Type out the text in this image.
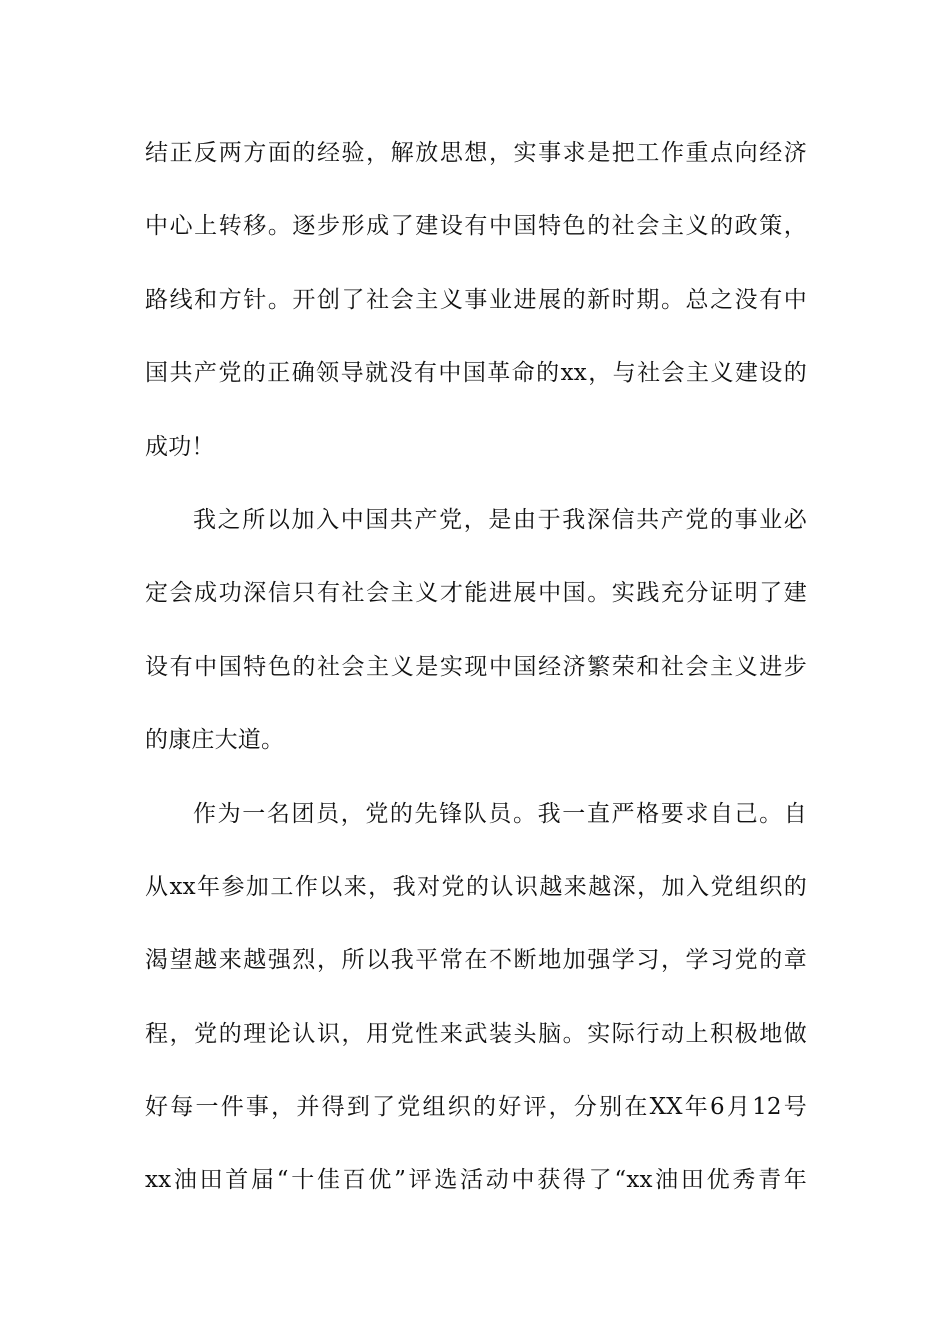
结正反两方面的经验，解放思想，实事求是把工作重点向经济
中心上转移。逐步形成了建设有中国特色的社会主义的政策，
路线和方针。开创了社会主义事业进展的新时期。总之没有中
国共产党的正确领导就没有中国革命的xx，与社会主义建设的
成功！
我之所以加入中国共产党，是由于我深信共产党的事业必
定会成功深信只有社会主义才能进展中国。实践充分证明了建
设有中国特色的社会主义是实现中国经济繁荣和社会主义进步
的康庄大道。
作为一名团员，党的先锋队员。我一直严格要求自己。自
从xx年参加工作以来，我对党的认识越来越深，加入党组织的
渴望越来越强烈，所以我平常在不断地加强学习，学习党的章
程，党的理论认识，用党性来武装头脑。实际行动上积极地做
好每一件事，并得到了党组织的好评，分别在XX年6月12号
xx油田首届“十佳百优”评选活动中获得了“xx油田优秀青年
